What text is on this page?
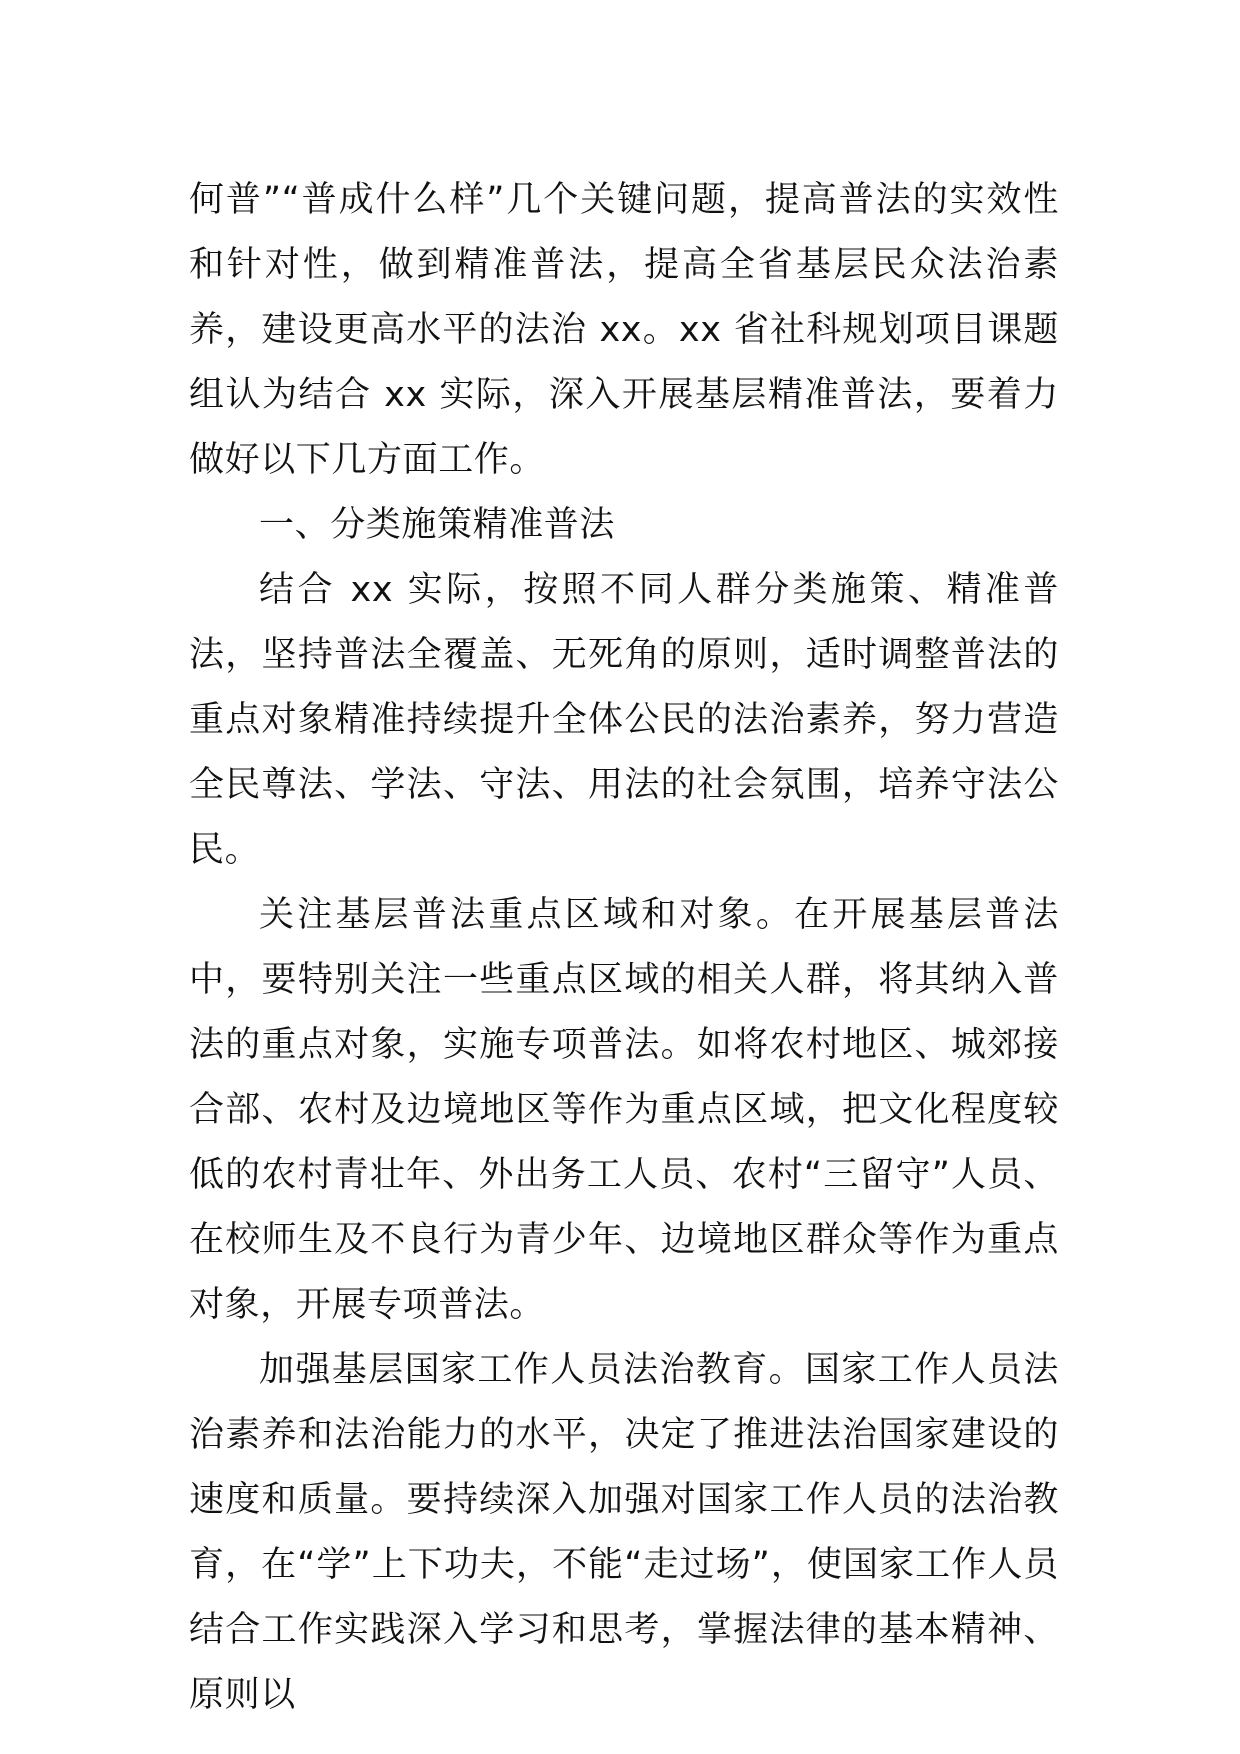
何普”“普成什么样”几个关键问题，提高普法的实效性和针对性，做到精准普法，提高全省基层民众法治素养，建设更高水平的法治 xx。xx 省社科规划项目课题组认为结合 xx 实际，深入开展基层精准普法，要着力做好以下几方面工作。

一、分类施策精准普法

结合 xx 实际，按照不同人群分类施策、精准普法，坚持普法全覆盖、无死角的原则，适时调整普法的重点对象精准持续提升全体公民的法治素养，努力营造全民尊法、学法、守法、用法的社会氛围，培养守法公民。

关注基层普法重点区域和对象。在开展基层普法中，要特别关注一些重点区域的相关人群，将其纳入普法的重点对象，实施专项普法。如将农村地区、城郊接合部、农村及边境地区等作为重点区域，把文化程度较低的农村青壮年、外出务工人员、农村“三留守”人员、在校师生及不良行为青少年、边境地区群众等作为重点对象，开展专项普法。

加强基层国家工作人员法治教育。国家工作人员法治素养和法治能力的水平，决定了推进法治国家建设的速度和质量。要持续深入加强对国家工作人员的法治教育，在“学”上下功夫，不能“走过场”，使国家工作人员结合工作实践深入学习和思考，掌握法律的基本精神、原则以
